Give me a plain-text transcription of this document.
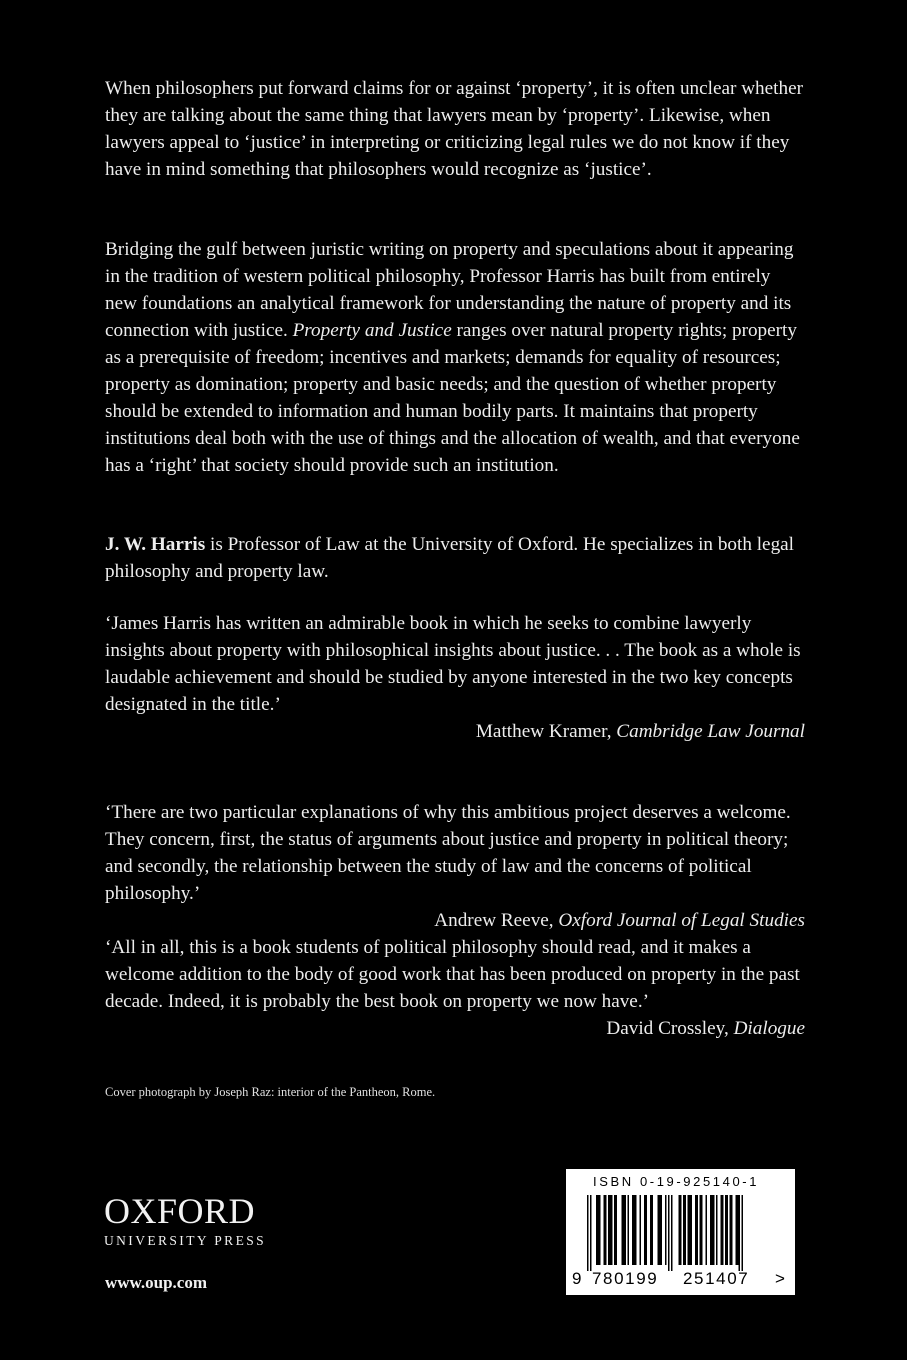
When philosophers put forward claims for or against ‘property’, it is often unclear whether they are talking about the same thing that lawyers mean by ‘property’. Likewise, when lawyers appeal to ‘justice’ in interpreting or criticizing legal rules we do not know if they have in mind something that philosophers would recognize as ‘justice’.

Bridging the gulf between juristic writing on property and speculations about it appearing in the tradition of western political philosophy, Professor Harris has built from entirely new foundations an analytical framework for understanding the nature of property and its connection with justice. Property and Justice ranges over natural property rights; property as a prerequisite of freedom; incentives and markets; demands for equality of resources; property as domination; property and basic needs; and the question of whether property should be extended to information and human bodily parts. It maintains that property institutions deal both with the use of things and the allocation of wealth, and that everyone has a ‘right’ that society should provide such an institution.

J. W. Harris is Professor of Law at the University of Oxford. He specializes in both legal philosophy and property law.

‘James Harris has written an admirable book in which he seeks to combine lawyerly insights about property with philosophical insights about justice. . . The book as a whole is laudable achievement and should be studied by anyone interested in the two key concepts designated in the title.’

Matthew Kramer, Cambridge Law Journal

‘There are two particular explanations of why this ambitious project deserves a welcome. They concern, first, the status of arguments about justice and property in political theory; and secondly, the relationship between the study of law and the concerns of political philosophy.’

Andrew Reeve, Oxford Journal of Legal Studies

‘All in all, this is a book students of political philosophy should read, and it makes a welcome addition to the body of good work that has been produced on property in the past decade. Indeed, it is probably the best book on property we now have.’

David Crossley, Dialogue
Cover photograph by Joseph Raz: interior of the Pantheon, Rome.
OXFORD
UNIVERSITY PRESS
www.oup.com
ISBN 0-19-925140-1
9 780199 251407 >
